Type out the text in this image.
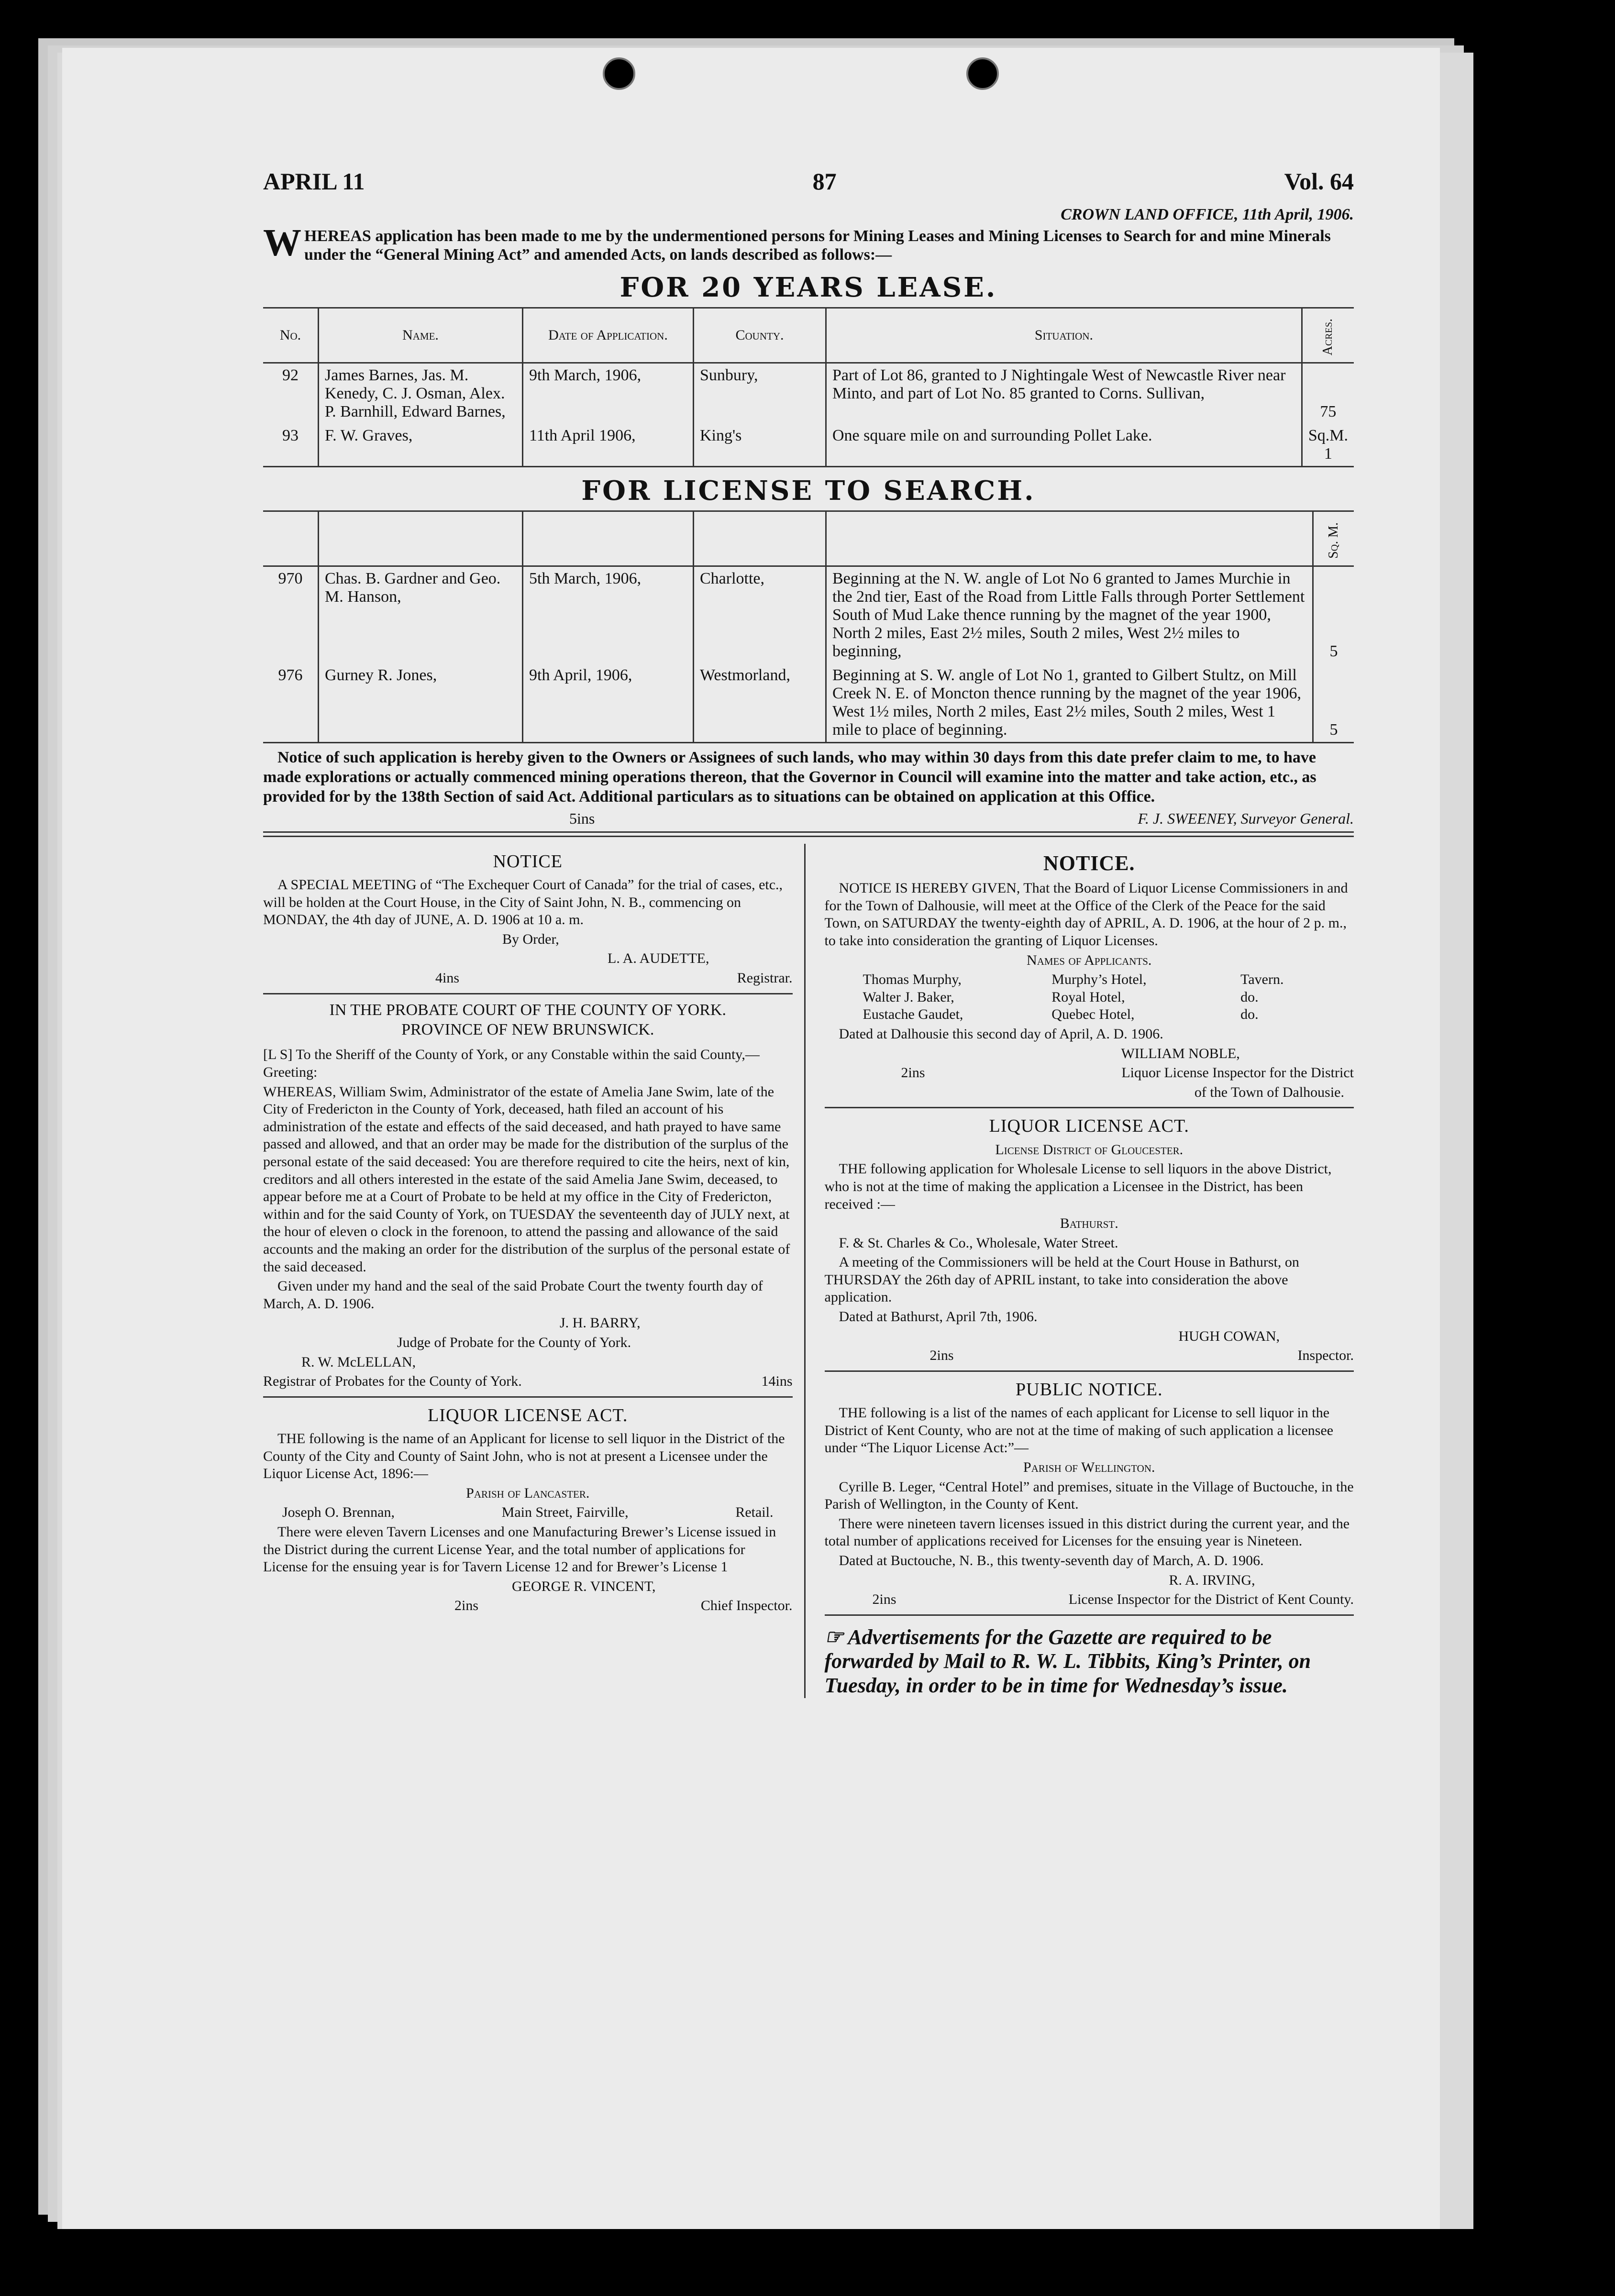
APRIL 11	87	Vol. 64
CROWN LAND OFFICE, 11th April, 1906.
W HEREAS application has been made to me by the undermentioned persons for Mining Leases and Mining Licenses to Search for and mine Minerals under the “General Mining Act” and amended Acts, on lands described as follows:—
FOR 20 YEARS LEASE.
No.	Name.	Date of Application.	County.	Situation.	Acres.
92	James Barnes, Jas. M. Kenedy, C. J. Osman, Alex. P. Barnhill, Edward Barnes,	9th March, 1906,	Sunbury,	Part of Lot 86, granted to J Nightingale West of Newcastle River near Minto, and part of Lot No. 85 granted to Corns. Sullivan,	75
93	F. W. Graves,	11th April 1906,	King's	One square mile on and surrounding Pollet Lake.	Sq.M. 1
FOR LICENSE TO SEARCH.
					Sq. M.
970	Chas. B. Gardner and Geo. M. Hanson,	5th March, 1906,	Charlotte,	Beginning at the N. W. angle of Lot No 6 granted to James Murchie in the 2nd tier, East of the Road from Little Falls through Porter Settlement South of Mud Lake thence running by the magnet of the year 1900, North 2 miles, East 2½ miles, South 2 miles, West 2½ miles to beginning,	5
976	Gurney R. Jones,	9th April, 1906,	Westmorland,	Beginning at S. W. angle of Lot No 1, granted to Gilbert Stultz, on Mill Creek N. E. of Moncton thence running by the magnet of the year 1906, West 1½ miles, North 2 miles, East 2½ miles, South 2 miles, West 1 mile to place of beginning.	5

Notice of such application is hereby given to the Owners or Assignees of such lands, who may within 30 days from this date prefer claim to me, to have made explorations or actually commenced mining operations thereon, that the Governor in Council will examine into the matter and take action, etc., as provided for by the 138th Section of said Act. Additional particulars as to situations can be obtained on application at this Office.

5ins	F. J. SWEENEY, Surveyor General.
NOTICE

A SPECIAL MEETING of “The Exchequer Court of Canada” for the trial of cases, etc., will be holden at the Court House, in the City of Saint John, N. B., commencing on MONDAY, the 4th day of JUNE, A. D. 1906 at 10 a. m.

By Order,

L. A. AUDETTE,

4ins	Registrar.
IN THE PROBATE COURT OF THE COUNTY OF YORK.
PROVINCE OF NEW BRUNSWICK.

[L S] To the Sheriff of the County of York, or any Constable within the said County,—Greeting:

WHEREAS, William Swim, Administrator of the estate of Amelia Jane Swim, late of the City of Fredericton in the County of York, deceased, hath filed an account of his administration of the estate and effects of the said deceased, and hath prayed to have same passed and allowed, and that an order may be made for the distribution of the surplus of the personal estate of the said deceased: You are therefore required to cite the heirs, next of kin, creditors and all others interested in the estate of the said Amelia Jane Swim, deceased, to appear before me at a Court of Probate to be held at my office in the City of Fredericton, within and for the said County of York, on TUESDAY the seventeenth day of JULY next, at the hour of eleven o clock in the forenoon, to attend the passing and allowance of the said accounts and the making an order for the distribution of the surplus of the personal estate of the said deceased.

Given under my hand and the seal of the said Probate Court the twenty fourth day of March, A. D. 1906.

J. H. BARRY,

Judge of Probate for the County of York.

R. W. McLELLAN,

Registrar of Probates for the County of York.	14ins
LIQUOR LICENSE ACT.

THE following is the name of an Applicant for license to sell liquor in the District of the County of the City and County of Saint John, who is not at present a Licensee under the Liquor License Act, 1896:—

Parish of Lancaster.

Joseph O. Brennan,	Main Street, Fairville,	Retail.

There were eleven Tavern Licenses and one Manufacturing Brewer’s License issued in the District during the current License Year, and the total number of applications for License for the ensuing year is for Tavern License 12 and for Brewer’s License 1

GEORGE R. VINCENT,

2ins	Chief Inspector.
NOTICE.

NOTICE IS HEREBY GIVEN, That the Board of Liquor License Commissioners in and for the Town of Dalhousie, will meet at the Office of the Clerk of the Peace for the said Town, on SATURDAY the twenty-eighth day of APRIL, A. D. 1906, at the hour of 2 p. m., to take into consideration the granting of Liquor Licenses.

Names of Applicants.

Thomas Murphy,	Murphy’s Hotel,	Tavern.
Walter J. Baker,	Royal Hotel,	do.
Eustache Gaudet,	Quebec Hotel,	do.

Dated at Dalhousie this second day of April, A. D. 1906.

WILLIAM NOBLE,

2ins	Liquor License Inspector for the District

of the Town of Dalhousie.

LIQUOR LICENSE ACT.

License District of Gloucester.

THE following application for Wholesale License to sell liquors in the above District, who is not at the time of making the application a Licensee in the District, has been received :—

Bathurst.

F. & St. Charles & Co., Wholesale, Water Street.

A meeting of the Commissioners will be held at the Court House in Bathurst, on THURSDAY the 26th day of APRIL instant, to take into consideration the above application.

Dated at Bathurst, April 7th, 1906.

HUGH COWAN,

2ins	Inspector.
PUBLIC NOTICE.

THE following is a list of the names of each applicant for License to sell liquor in the District of Kent County, who are not at the time of making of such application a licensee under “The Liquor License Act:”—

Parish of Wellington.

Cyrille B. Leger, “Central Hotel” and premises, situate in the Village of Buctouche, in the Parish of Wellington, in the County of Kent.

There were nineteen tavern licenses issued in this district during the current year, and the total number of applications received for Licenses for the ensuing year is Nineteen.

Dated at Buctouche, N. B., this twenty-seventh day of March, A. D. 1906.

R. A. IRVING,

2ins	License Inspector for the District of Kent County.
☞ Advertisements for the Gazette are required to be forwarded by Mail to R. W. L. Tibbits, King’s Printer, on Tuesday, in order to be in time for Wednesday’s issue.
